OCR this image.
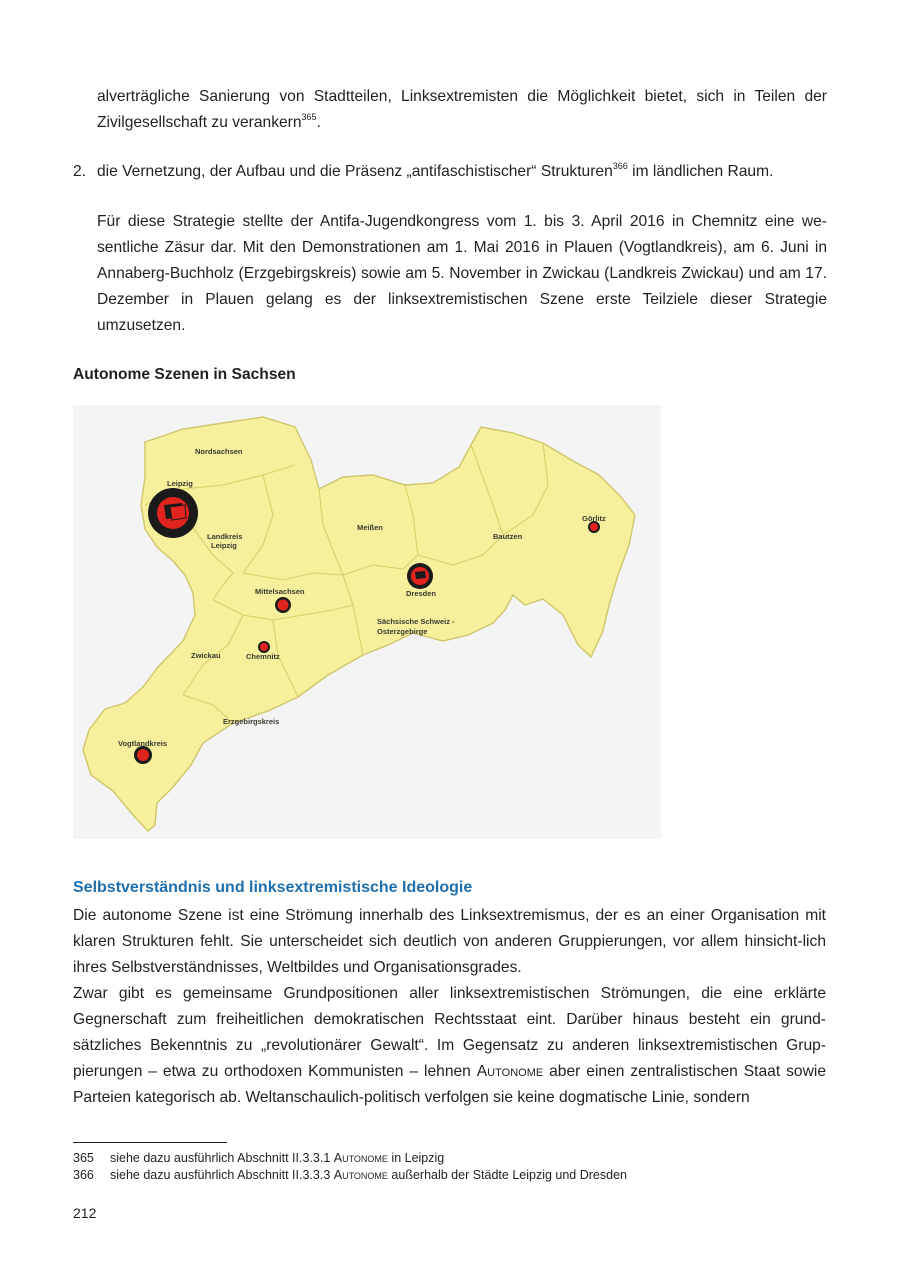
alverträgliche Sanierung von Stadtteilen, Linksextremisten die Möglichkeit bietet, sich in Teilen der Zivilgesellschaft zu verankern$^{365}$.

2. die Vernetzung, der Aufbau und die Präsenz „antifaschistischer“ Strukturen$^{366}$ im ländlichen Raum.

Für diese Strategie stellte der Antifa-Jugendkongress vom 1. bis 3. April 2016 in Chemnitz eine we- sentliche Zäsur dar. Mit den Demonstrationen am 1. Mai 2016 in Plauen (Vogtlandkreis), am 6. Juni in Annaberg-Buchholz (Erzgebirgskreis) sowie am 5. November in Zwickau (Landkreis Zwickau) und am 17. Dezember in Plauen gelang es der linksextremistischen Szene erste Teilziele dieser Strategie umzusetzen.

Autonome Szenen in Sachsen
Nordsachsen
Leipzig
Landkreis
Leipzig
Meißen
Bautzen
Görlitz
Dresden
Mittelsachsen
Sächsische Schweiz -
Osterzgebirge
Zwickau	Chemnitz
Erzgebirgskreis
Vogtlandkreis
Selbstverständnis und linksextremistische Ideologie

Die autonome Szene ist eine Strömung innerhalb des Linksextremismus, der es an einer Organisation mit klaren Strukturen fehlt. Sie unterscheidet sich deutlich von anderen Gruppierungen, vor allem hinsicht-lich ihres Selbstverständnisses, Weltbildes und Organisationsgrades.

Zwar gibt es gemeinsame Grundpositionen aller linksextremistischen Strömungen, die eine erklärte Gegnerschaft zum freiheitlichen demokratischen Rechtsstaat eint. Darüber hinaus besteht ein grund-sätzliches Bekenntnis zu „revolutionärer Gewalt“. Im Gegensatz zu anderen linksextremistischen Grup-pierungen – etwa zu orthodoxen Kommunisten – lehnen Autonome aber einen zentralistischen Staat sowie Parteien kategorisch ab. Weltanschaulich-politisch verfolgen sie keine dogmatische Linie, sondern

365 siehe dazu ausführlich Abschnitt II.3.3.1 Autonome in Leipzig
366 siehe dazu ausführlich Abschnitt II.3.3.3 Autonome außerhalb der Städte Leipzig und Dresden
212
